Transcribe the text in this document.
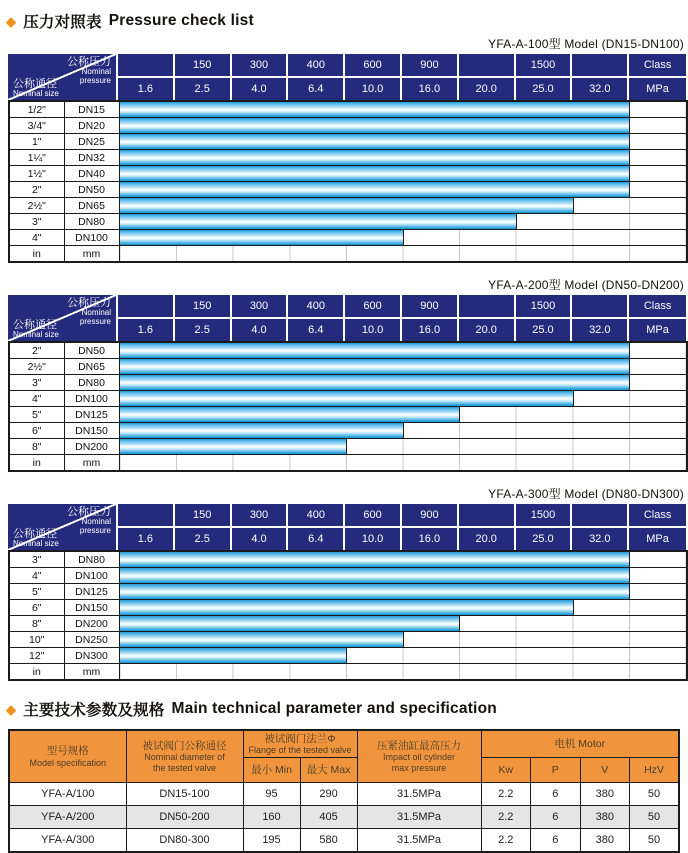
◆ 压力对照表 Pressure check list
YFA-A-100型 Model (DN15-DN100)
公称压力
Nominal
pressure
公称通径
Nominal size		150	300	400	600	900		1500		Class
	1.6	2.5	4.0	6.4	10.0	16.0	20.0	25.0	32.0	MPa
1/2"	DN15	

3/4"	DN20	

1"	DN25	

1¼"	DN32	

1½"	DN40	

2"	DN50	

2½"	DN65	

3"	DN80	

4"	DN100	

in	mm	
YFA-A-200型 Model (DN50-DN200)
公称压力
Nominal
pressure
公称通径
Nominal size		150	300	400	600	900		1500		Class
	1.6	2.5	4.0	6.4	10.0	16.0	20.0	25.0	32.0	MPa
2"	DN50	

2½"	DN65	

3"	DN80	

4"	DN100	

5"	DN125	

6"	DN150	

8"	DN200	

in	mm	
YFA-A-300型 Model (DN80-DN300)
公称压力
Nominal
pressure
公称通径
Nominal size		150	300	400	600	900		1500		Class
	1.6	2.5	4.0	6.4	10.0	16.0	20.0	25.0	32.0	MPa
3"	DN80	

4"	DN100	

5"	DN125	

6"	DN150	

8"	DN200	

10"	DN250	

12"	DN300	

in	mm	
◆ 主要技术参数及规格 Main technical parameter and specification
型号规格
Model specification

被试阀门公称通径
Nominal diameter of
the tested valve

被试阀门法兰Φ
Flange of the tested valve	压紧油缸最高压力
Impact oil cylinder
max pressure

电机 Motor

		最小 Min	最大 Max		Kw	P	V	HzV

YFA-A/100	DN15-100	95	290	31.5MPa	2.2	6	380	50
YFA-A/200	DN50-200	160	405	31.5MPa	2.2	6	380	50
YFA-A/300	DN80-300	195	580	31.5MPa	2.2	6	380	50
